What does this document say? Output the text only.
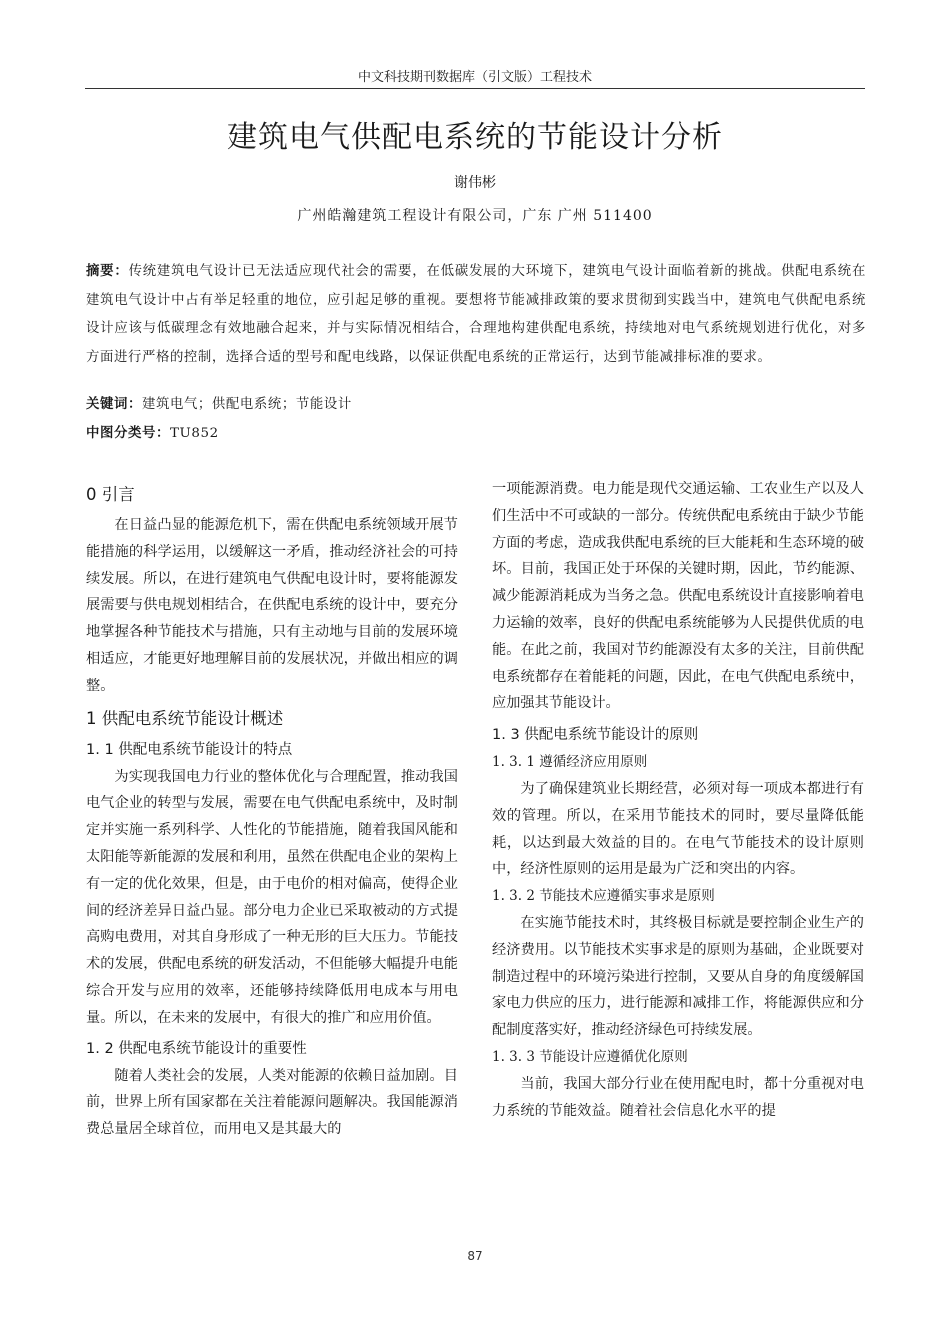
中文科技期刊数据库（引文版）工程技术
建筑电气供配电系统的节能设计分析
谢伟彬
广州皓瀚建筑工程设计有限公司，广东 广州 511400
摘要：传统建筑电气设计已无法适应现代社会的需要，在低碳发展的大环境下，建筑电气设计面临着新的挑战。供配电系统在建筑电气设计中占有举足轻重的地位，应引起足够的重视。要想将节能减排政策的要求贯彻到实践当中，建筑电气供配电系统设计应该与低碳理念有效地融合起来，并与实际情况相结合，合理地构建供配电系统，持续地对电气系统规划进行优化，对多方面进行严格的控制，选择合适的型号和配电线路，以保证供配电系统的正常运行，达到节能减排标准的要求。
关键词：建筑电气；供配电系统；节能设计
中图分类号：TU852
0 引言

在日益凸显的能源危机下，需在供配电系统领域开展节能措施的科学运用，以缓解这一矛盾，推动经济社会的可持续发展。所以，在进行建筑电气供配电设计时，要将能源发展需要与供电规划相结合，在供配电系统的设计中，要充分地掌握各种节能技术与措施，只有主动地与目前的发展环境相适应，才能更好地理解目前的发展状况，并做出相应的调整。

1 供配电系统节能设计概述
1. 1 供配电系统节能设计的特点

为实现我国电力行业的整体优化与合理配置，推动我国电气企业的转型与发展，需要在电气供配电系统中，及时制定并实施一系列科学、人性化的节能措施，随着我国风能和太阳能等新能源的发展和利用，虽然在供配电企业的架构上有一定的优化效果，但是，由于电价的相对偏高，使得企业间的经济差异日益凸显。部分电力企业已采取被动的方式提高购电费用，对其自身形成了一种无形的巨大压力。节能技术的发展，供配电系统的研发活动，不但能够大幅提升电能综合开发与应用的效率，还能够持续降低用电成本与用电量。所以，在未来的发展中，有很大的推广和应用价值。

1. 2 供配电系统节能设计的重要性

随着人类社会的发展，人类对能源的依赖日益加剧。目前，世界上所有国家都在关注着能源问题解决。我国能源消费总量居全球首位，而用电又是其最大的

一项能源消费。电力能是现代交通运输、工农业生产以及人们生活中不可或缺的一部分。传统供配电系统由于缺少节能方面的考虑，造成我供配电系统的巨大能耗和生态环境的破坏。目前，我国正处于环保的关键时期，因此，节约能源、减少能源消耗成为当务之急。供配电系统设计直接影响着电力运输的效率，良好的供配电系统能够为人民提供优质的电能。在此之前，我国对节约能源没有太多的关注，目前供配电系统都存在着能耗的问题，因此，在电气供配电系统中，应加强其节能设计。

1. 3 供配电系统节能设计的原则
1. 3. 1 遵循经济应用原则

为了确保建筑业长期经营，必须对每一项成本都进行有效的管理。所以，在采用节能技术的同时，要尽量降低能耗，以达到最大效益的目的。在电气节能技术的设计原则中，经济性原则的运用是最为广泛和突出的内容。

1. 3. 2 节能技术应遵循实事求是原则

在实施节能技术时，其终极目标就是要控制企业生产的经济费用。以节能技术实事求是的原则为基础，企业既要对制造过程中的环境污染进行控制，又要从自身的角度缓解国家电力供应的压力，进行能源和减排工作，将能源供应和分配制度落实好，推动经济绿色可持续发展。

1. 3. 3 节能设计应遵循优化原则

当前，我国大部分行业在使用配电时，都十分重视对电力系统的节能效益。随着社会信息化水平的提

87
